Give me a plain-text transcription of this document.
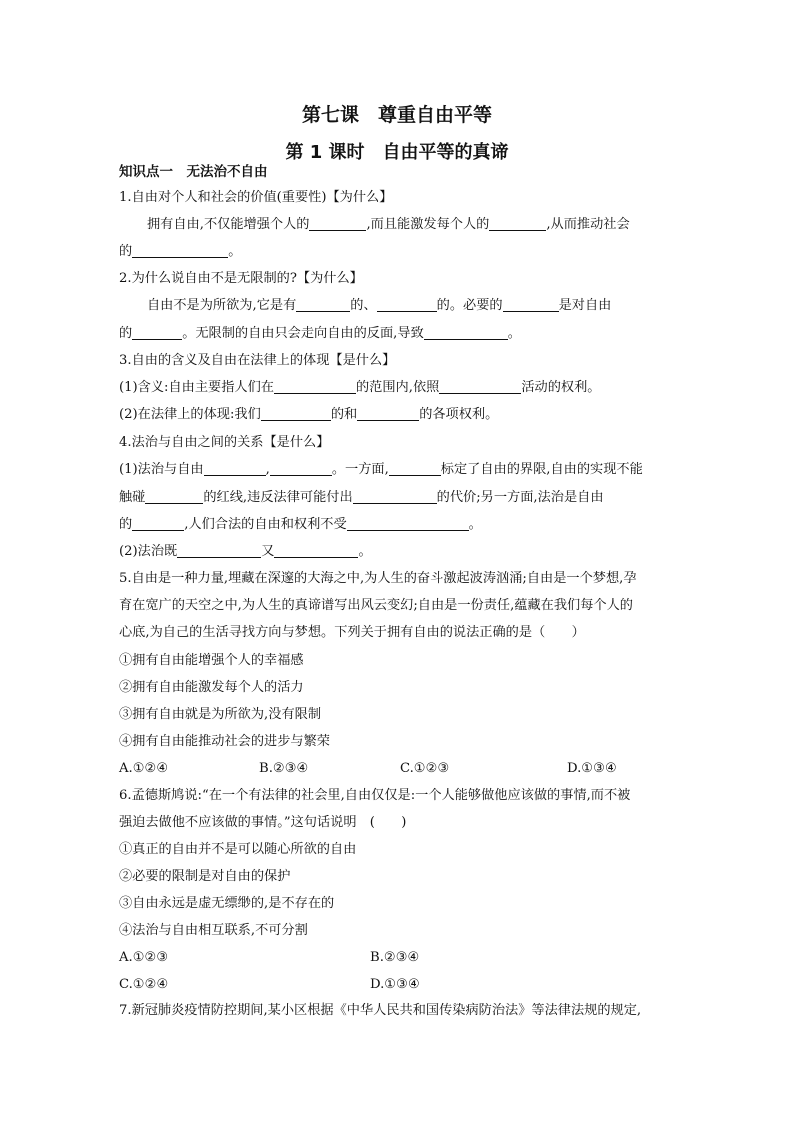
第七课　尊重自由平等
第 1 课时　自由平等的真谛
知识点一　无法治不自由
1.自由对个人和社会的价值(重要性)【为什么】
拥有自由,不仅能增强个人的	,而且能激发每个人的	,从而推动社会
的	。
2.为什么说自由不是无限制的?【为什么】
自由不是为所欲为,它是有	的、	的。必要的	是对自由
的	。无限制的自由只会走向自由的反面,导致	。
3.自由的含义及自由在法律上的体现【是什么】
(1)含义:自由主要指人们在	的范围内,依照	活动的权利。
(2)在法律上的体现:我们	的和	的各项权利。
4.法治与自由之间的关系【是什么】
(1)法治与自由	,	。一方面,	标定了自由的界限,自由的实现不能
触碰	的红线,违反法律可能付出	的代价;另一方面,法治是自由
的	,人们合法的自由和权利不受	。
(2)法治既	又	。
5.自由是一种力量,埋藏在深邃的大海之中,为人生的奋斗激起波涛汹涌;自由是一个梦想,孕
育在宽广的天空之中,为人生的真谛谱写出风云变幻;自由是一份责任,蕴藏在我们每个人的
心底,为自己的生活寻找方向与梦想。下列关于拥有自由的说法正确的是（　　）
①拥有自由能增强个人的幸福感
②拥有自由能激发每个人的活力
③拥有自由就是为所欲为,没有限制
④拥有自由能推动社会的进步与繁荣
A.①②④	B.②③④	C.①②③	D.①③④
6.孟德斯鸠说:“在一个有法律的社会里,自由仅仅是:一个人能够做他应该做的事情,而不被
强迫去做他不应该做的事情。”这句话说明　(　　)
①真正的自由并不是可以随心所欲的自由
②必要的限制是对自由的保护
③自由永远是虚无缥缈的,是不存在的
④法治与自由相互联系,不可分割
A.①②③	B.②③④
C.①②④	D.①③④
7.新冠肺炎疫情防控期间,某小区根据《中华人民共和国传染病防治法》等法律法规的规定,
